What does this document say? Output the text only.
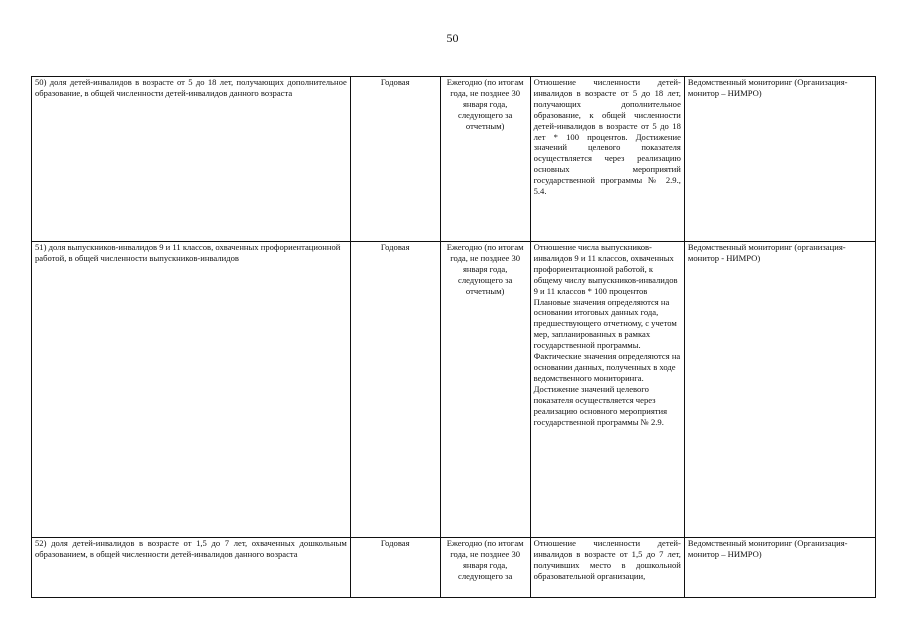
50
50) доля детей-инвалидов в возрасте от 5 до 18 лет, получающих дополнительное образование, в общей численности детей-инвалидов данного возраста	Годовая	Ежегодно (по итогам года, не позднее 30 января года, следующего за отчетным)	Отношение численности детей-инвалидов в возрасте от 5 до 18 лет, получающих дополнительное образование, к общей численности детей-инвалидов в возрасте от 5 до 18 лет * 100 процентов. Достижение значений целевого показателя осуществляется через реализацию основных мероприятий государственной программы № 2.9., 5.4.	Ведомственный мониторинг (Организация-монитор – НИМРО)
51) доля выпускников-инвалидов 9 и 11 классов, охваченных профориентационной работой, в общей численности выпускников-инвалидов	Годовая	Ежегодно (по итогам года, не позднее 30 января года, следующего за отчетным)	Отношение числа выпускников-инвалидов 9 и 11 классов, охваченных профориентационной работой, к общему числу выпускников-инвалидов 9 и 11 классов * 100 процентов Плановые значения определяются на основании итоговых данных года, предшествующего отчетному, с учетом мер, запланированных в рамках государственной программы. Фактические значения определяются на основании данных, полученных в ходе ведомственного мониторинга. Достижение значений целевого показателя осуществляется через реализацию основного мероприятия государственной программы № 2.9.	Ведомственный мониторинг (организация-монитор - НИМРО)
52) доля детей-инвалидов в возрасте от 1,5 до 7 лет, охваченных дошкольным образованием, в общей численности детей-инвалидов данного возраста	Годовая	Ежегодно (по итогам года, не позднее 30 января года, следующего за	Отношение численности детей-инвалидов в возрасте от 1,5 до 7 лет, получивших место в дошкольной образовательной организации,	Ведомственный мониторинг (Организация-монитор – НИМРО)
